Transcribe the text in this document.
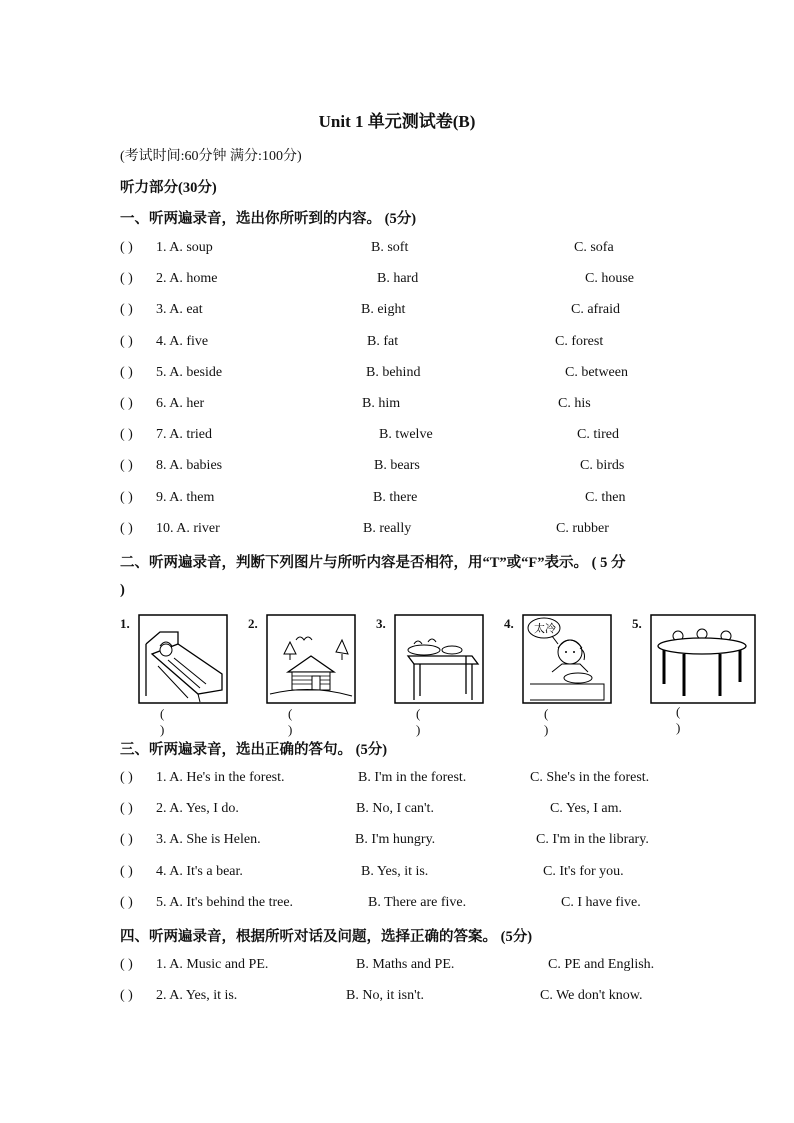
Unit 1 单元测试卷(B)
(考试时间:60分钟 满分:100分)
听力部分(30分)
一、听两遍录音，选出你所听到的内容。 (5分)
( ) 1. A. soup	B. soft	C. sofa
( ) 2. A. home	B. hard	C. house
( ) 3. A. eat	B. eight	C. afraid
( ) 4. A. five	B. fat	C. forest
( ) 5. A. beside	B. behind	C. between
( ) 6. A. her	B. him	C. his
( ) 7. A. tried	B. twelve	C. tired
( ) 8. A. babies	B. bears	C. birds
( ) 9. A. them	B. there	C. then
( ) 10. A. river	B. really	C. rubber
二、听两遍录音，判断下列图片与所听内容是否相符，用“T”或“F”表示。 ( 5 分
)
1.
( )
2.
( )
3.
( )
4. 太冷
( )
5.
( )
三、听两遍录音，选出正确的答句。 (5分)
( ) 1. A. He's in the forest.	B. I'm in the forest.	C. She's in the forest.
( ) 2. A. Yes, I do.	B. No, I can't.	C. Yes, I am.
( ) 3. A. She is Helen.	B. I'm hungry.	C. I'm in the library.
( ) 4. A. It's a bear.	B. Yes, it is.	C. It's for you.
( ) 5. A. It's behind the tree.	B. There are five.	C. I have five.
四、听两遍录音，根据所听对话及问题，选择正确的答案。 (5分)
( ) 1. A. Music and PE.	B. Maths and PE.	C. PE and English.
( ) 2. A. Yes, it is.	B. No, it isn't.	C. We don't know.
